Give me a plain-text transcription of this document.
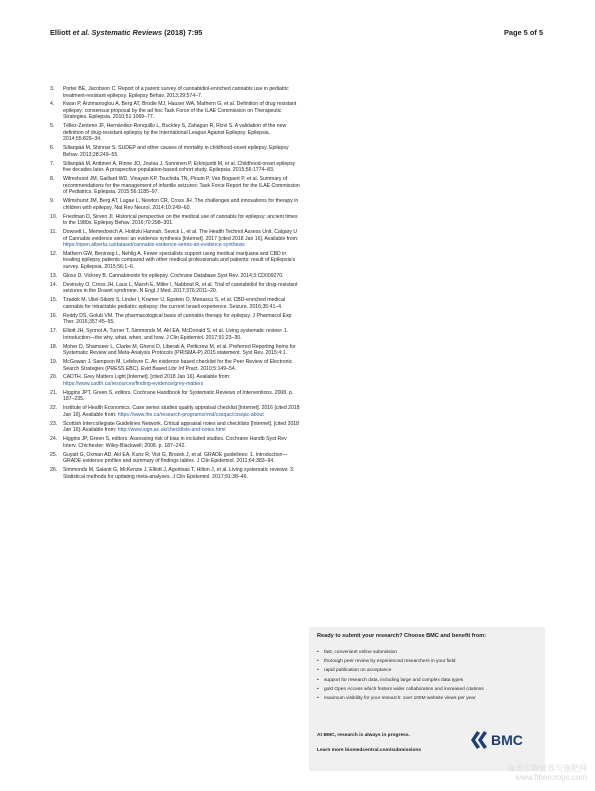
Elliott et al. Systematic Reviews (2018) 7:95	Page 5 of 5
3.	Porter BE, Jacobson C. Report of a parent survey of cannabidiol-enriched cannabis use in pediatric treatment-resistant epilepsy. Epilepsy Behav. 2013;29:574–7.
4.	Kwan P, Arzimanoglou A, Berg AT, Brodie MJ, Hauser WA, Mathern G, et al. Definition of drug resistant epilepsy: consensus proposal by the ad hoc Task Force of the ILAE Commission on Therapeutic Strategies. Epilepsia. 2010;51:1069–77.
5.	Téllez-Zenteno JF, Hernández-Ronquillo L, Buckley S, Zahagun R, Rizvi S. A validation of the new definition of drug-resistant epilepsy by the International League Against Epilepsy. Epilepsia. 2014;55:829–34.
6.	Sillanpää M, Shinnar S. SUDEP and other causes of mortality in childhood-onset epilepsy. Epilepsy Behav. 2013;28:249–55.
7.	Sillanpää M, Anttinen A, Rinne JO, Joutsa J, Sonninen P, Erkinjuntti M, et al. Childhood-onset epilepsy five decades later. A prospective population-based cohort study. Epilepsia. 2015;56:1774–83.
8.	Wilmshurst JM, Gaillard WD, Vinayan KP, Tsuchida TN, Plouin P, Van Bogaert P, et al. Summary of recommendations for the management of infantile seizures: Task Force Report for the ILAE Commission of Pediatrics. Epilepsia. 2015;56:1185–97.
9.	Wilmshurst JM, Berg AT, Lagae L, Newton CR, Cross JH. The challenges and innovations for therapy in children with epilepsy. Nat Rev Neurol. 2014;10:249–60.
10.	Friedman D, Sirven JI. Historical perspective on the medical use of cannabis for epilepsy: ancient times to the 1980s. Epilepsy Behav. 2016;70:298–301.
11.	Dowsett L, Memedovich A, Holitzki Hannah, Sevick L, et al. The Health Technol Assess Unit, Calgary U of Cannabis evidence series: an evidence synthesis [Internet]. 2017 [cited 2018 Jan 16]. Available from: https://open.alberta.ca/dataset/cannabis-evidence-series-an-evidence-synthesis
12.	Mathern GW, Beninsig L, Nehlig A. Fewer specialists support using medical marijuana and CBD in treating epilepsy patients compared with other medical professionals and patients: result of Epilepsia's survey. Epilepsia. 2015;56:1–6.
13.	Gloss D, Vickrey B. Cannabinoids for epilepsy. Cochrane Database Syst Rev. 2014;3:CD009270.
14.	Devinsky O, Cross JH, Laux L, Marsh E, Miller I, Nabbout R, et al. Trial of cannabidiol for drug-resistant seizures in the Dravet syndrome. N Engl J Med. 2017;376:2011–20.
15.	Tzadok M, Uliel-Siboni S, Linder I, Kramer U, Epstein O, Menascu S, et al. CBD-enriched medical cannabis for intractable pediatric epilepsy: the current Israeli experience. Seizure. 2016;35:41–4.
16.	Reddy DS, Golub VM. The pharmacological basis of cannabis therapy for epilepsy. J Pharmacol Exp Ther. 2016;357:45–55.
17.	Elliott JH, Synnot A, Turner T, Simmonds M, Akl EA, McDonald S, et al. Living systematic review: 1. Introduction—the why, what, when, and how. J Clin Epidemiol. 2017;91:23–30.
18.	Moher D, Shamseer L, Clarke M, Ghersi D, Liberati A, Petticrew M, et al. Preferred Reporting Items for Systematic Review and Meta-Analysis Protocols (PRISMA-P) 2015 statement. Syst Rev. 2015;4:1.
19.	McGowan J, Sampson M, Lefebvre C. An evidence based checklist for the Peer Review of Electronic Search Strategies (PRESS EBC). Evid Based Libr Inf Pract. 2010;5:149–54.
20.	CADTH. Grey Matters Light [Internet]. [cited 2018 Jan 16]. Available from: https://www.cadth.ca/resources/finding-evidence/grey-matters
21.	Higgins JPT, Green S, editors. Cochrane Handbook for Systematic Reviews of Interventions. 2008. p. 187–235.
22.	Institute of Health Economics. Case series studies quality appraisal checklist [Internet]. 2016 [cited 2018 Jan 16]. Available from: https://www.ihe.ca/research-programs/rmd/cssqac/cssqac-about
23.	Scottish Intercollegiate Guidelines Network. Critical appraisal notes and checklists [Internet]. [cited 2018 Jan 16]. Available from: http://www.sign.ac.uk/checklists-and-notes.html
24.	Higgins JP, Green S, editors. Assessing risk of bias in included studies. Cochrane Handb Syst Rev Interv. Chichester: Wiley-Blackwell; 2008. p. 187–242.
25.	Guyatt G, Oxman AD, Akl EA, Kunz R, Vist G, Brozek J, et al. GRADE guidelines: 1. Introduction—GRADE evidence profiles and summary of findings tables. J Clin Epidemiol. 2011;64:383–94.
26.	Simmonds M, Salanti G, McKenzie J, Elliott J, Agoritsas T, Hilton J, et al. Living systematic reviews: 3. Statistical methods for updating meta-analyses. J Clin Epidemiol. 2017;91:38–46.
Ready to submit your research? Choose BMC and benefit from:
• fast, convenient online submission
• thorough peer review by experienced researchers in your field
• rapid publication on acceptance
• support for research data, including large and complex data types
• gold Open Access which fosters wider collaboration and increased citations
• maximum visibility for your research: over 100M website views per year
At BMC, research is always in progress.
Learn more biomedcentral.com/submissions
BMC
麻类作物营养与施肥网
www.fibercrops.com
